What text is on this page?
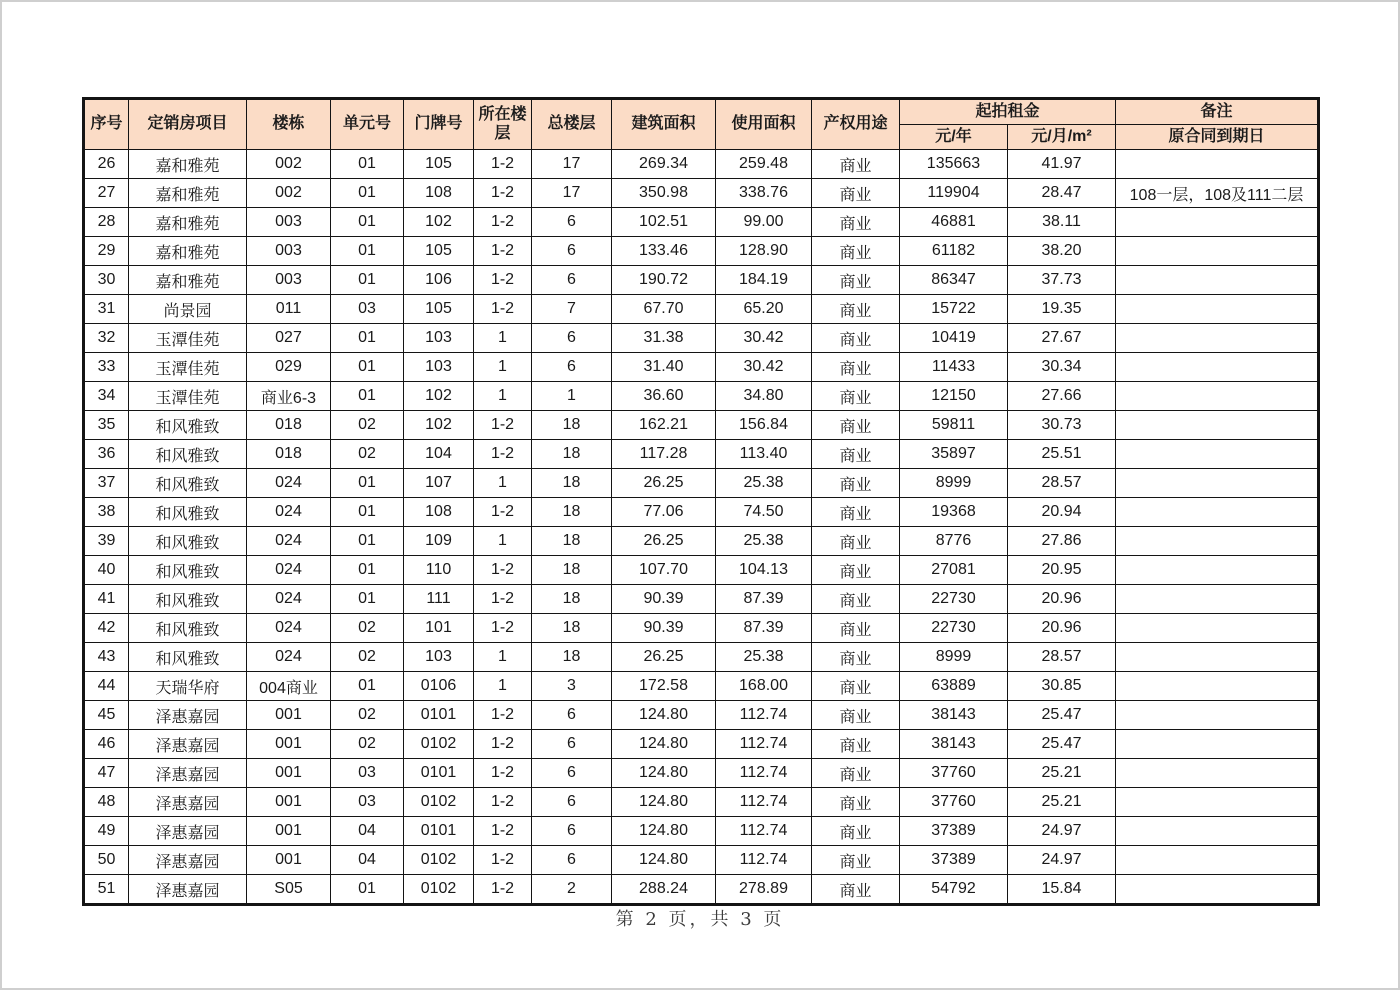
序号	定销房项目	楼栋	单元号	门牌号	所在楼层	总楼层	建筑面积	使用面积	产权用途	起拍租金		备注
										元/年	元/月/m²	原合同到期日
26	嘉和雅苑	002	01	105	1-2	17	269.34	259.48	商业	135663	41.97	
27	嘉和雅苑	002	01	108	1-2	17	350.98	338.76	商业	119904	28.47	108一层，108及111二层
28	嘉和雅苑	003	01	102	1-2	6	102.51	99.00	商业	46881	38.11	
29	嘉和雅苑	003	01	105	1-2	6	133.46	128.90	商业	61182	38.20	
30	嘉和雅苑	003	01	106	1-2	6	190.72	184.19	商业	86347	37.73	
31	尚景园	011	03	105	1-2	7	67.70	65.20	商业	15722	19.35	
32	玉潭佳苑	027	01	103	1	6	31.38	30.42	商业	10419	27.67	
33	玉潭佳苑	029	01	103	1	6	31.40	30.42	商业	11433	30.34	
34	玉潭佳苑	商业6-3	01	102	1	1	36.60	34.80	商业	12150	27.66	
35	和风雅致	018	02	102	1-2	18	162.21	156.84	商业	59811	30.73	
36	和风雅致	018	02	104	1-2	18	117.28	113.40	商业	35897	25.51	
37	和风雅致	024	01	107	1	18	26.25	25.38	商业	8999	28.57	
38	和风雅致	024	01	108	1-2	18	77.06	74.50	商业	19368	20.94	
39	和风雅致	024	01	109	1	18	26.25	25.38	商业	8776	27.86	
40	和风雅致	024	01	110	1-2	18	107.70	104.13	商业	27081	20.95	
41	和风雅致	024	01	111	1-2	18	90.39	87.39	商业	22730	20.96	
42	和风雅致	024	02	101	1-2	18	90.39	87.39	商业	22730	20.96	
43	和风雅致	024	02	103	1	18	26.25	25.38	商业	8999	28.57	
44	天瑞华府	004商业	01	0106	1	3	172.58	168.00	商业	63889	30.85	
45	泽惠嘉园	001	02	0101	1-2	6	124.80	112.74	商业	38143	25.47	
46	泽惠嘉园	001	02	0102	1-2	6	124.80	112.74	商业	38143	25.47	
47	泽惠嘉园	001	03	0101	1-2	6	124.80	112.74	商业	37760	25.21	
48	泽惠嘉园	001	03	0102	1-2	6	124.80	112.74	商业	37760	25.21	
49	泽惠嘉园	001	04	0101	1-2	6	124.80	112.74	商业	37389	24.97	
50	泽惠嘉园	001	04	0102	1-2	6	124.80	112.74	商业	37389	24.97	
51	泽惠嘉园	S05	01	0102	1-2	2	288.24	278.89	商业	54792	15.84	
第 2 页，共 3 页
